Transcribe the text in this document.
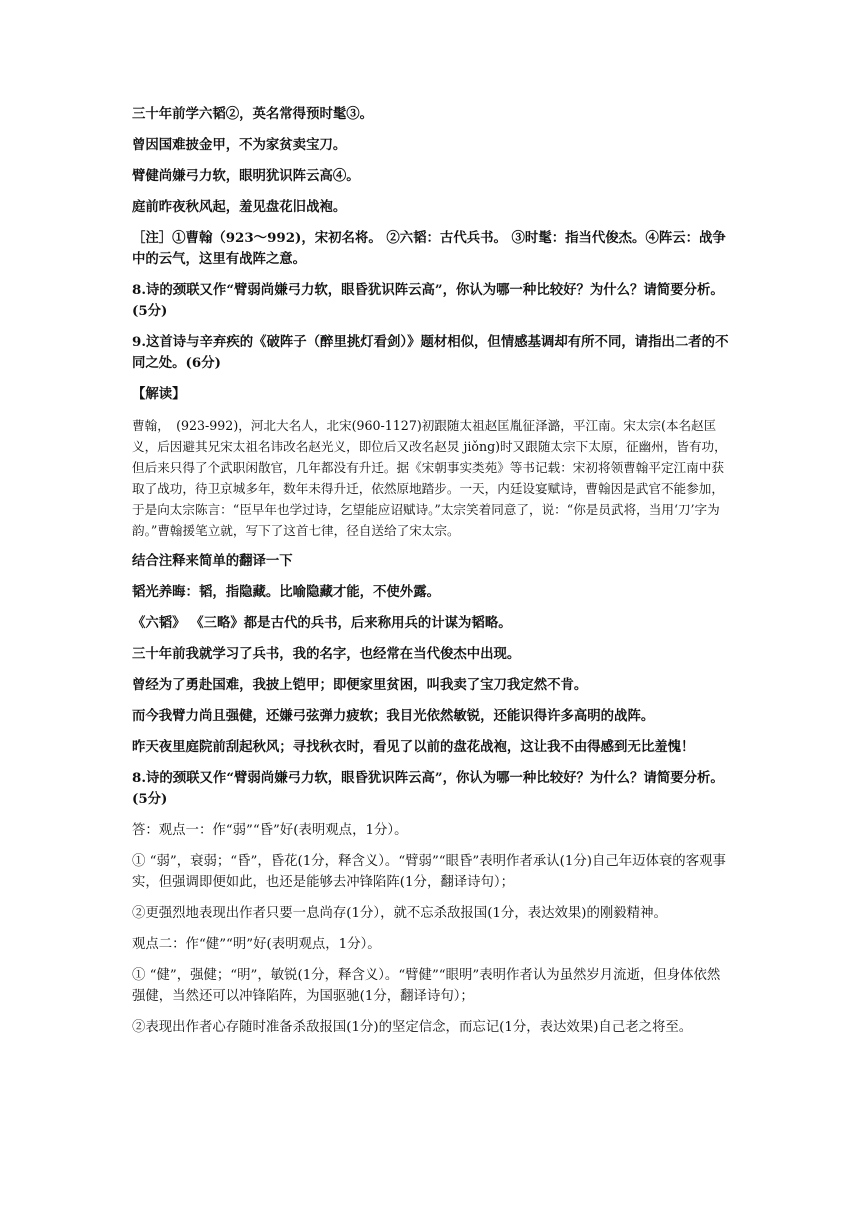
三十年前学六韬②，英名常得预时髦③。

曾因国难披金甲，不为家贫卖宝刀。

臂健尚嫌弓力软，眼明犹识阵云高④。

庭前昨夜秋风起，羞见盘花旧战袍。

［注］①曹翰（923～992)，宋初名将。 ②六韬：古代兵书。 ③时髦：指当代俊杰。④阵云：战争中的云气，这里有战阵之意。

8.诗的颈联又作“臂弱尚嫌弓力软，眼昏犹识阵云高”，你认为哪一种比较好？为什么？请简要分析。(5分)

9.这首诗与辛弃疾的《破阵子（醉里挑灯看剑）》题材相似，但情感基调却有所不同，请指出二者的不同之处。(6分)

【解读】

曹翰，　(923-992)，河北大名人，北宋(960-1127)初跟随太祖赵匡胤征泽潞，平江南。宋太宗(本名赵匡义，后因避其兄宋太祖名讳改名赵光义，即位后又改名赵炅 jiǒng)时又跟随太宗下太原，征幽州，皆有功，但后来只得了个武职闲散官，几年都没有升迁。据《宋朝事实类苑》等书记载：宋初将领曹翰平定江南中获取了战功，待卫京城多年，数年未得升迁，依然原地踏步。一天，内廷设宴赋诗，曹翰因是武官不能参加，于是向太宗陈言：“臣早年也学过诗，乞望能应诏赋诗。”太宗笑着同意了，说：“你是员武将，当用‘刀’字为韵。”曹翰援笔立就，写下了这首七律，径自送给了宋太宗。

结合注释来简单的翻译一下

韬光养晦：韬，指隐藏。比喻隐藏才能，不使外露。

《六韬》 《三略》都是古代的兵书，后来称用兵的计谋为韬略。

三十年前我就学习了兵书，我的名字，也经常在当代俊杰中出现。

曾经为了勇赴国难，我披上铠甲；即便家里贫困，叫我卖了宝刀我定然不肯。

而今我臂力尚且强健，还嫌弓弦弹力疲软；我目光依然敏锐，还能识得许多高明的战阵。

昨天夜里庭院前刮起秋风；寻找秋衣时，看见了以前的盘花战袍，这让我不由得感到无比羞愧！

8.诗的颈联又作“臂弱尚嫌弓力软，眼昏犹识阵云高”，你认为哪一种比较好？为什么？请简要分析。(5分)

答：观点一：作“弱”“昏”好(表明观点，1分）。

① “弱”，衰弱；“昏”，昏花(1分，释含义）。“臂弱”“眼昏”表明作者承认(1分)自己年迈体衰的客观事实，但强调即便如此，也还是能够去冲锋陷阵(1分，翻译诗句）；

②更强烈地表现出作者只要一息尚存(1分），就不忘杀敌报国(1分，表达效果)的刚毅精神。

观点二：作“健”“明”好(表明观点，1分）。

① “健”，强健；“明”，敏锐(1分，释含义）。“臂健”“眼明”表明作者认为虽然岁月流逝，但身体依然强健，当然还可以冲锋陷阵，为国驱驰(1分，翻译诗句）；

②表现出作者心存随时准备杀敌报国(1分)的坚定信念，而忘记(1分，表达效果)自己老之将至。
